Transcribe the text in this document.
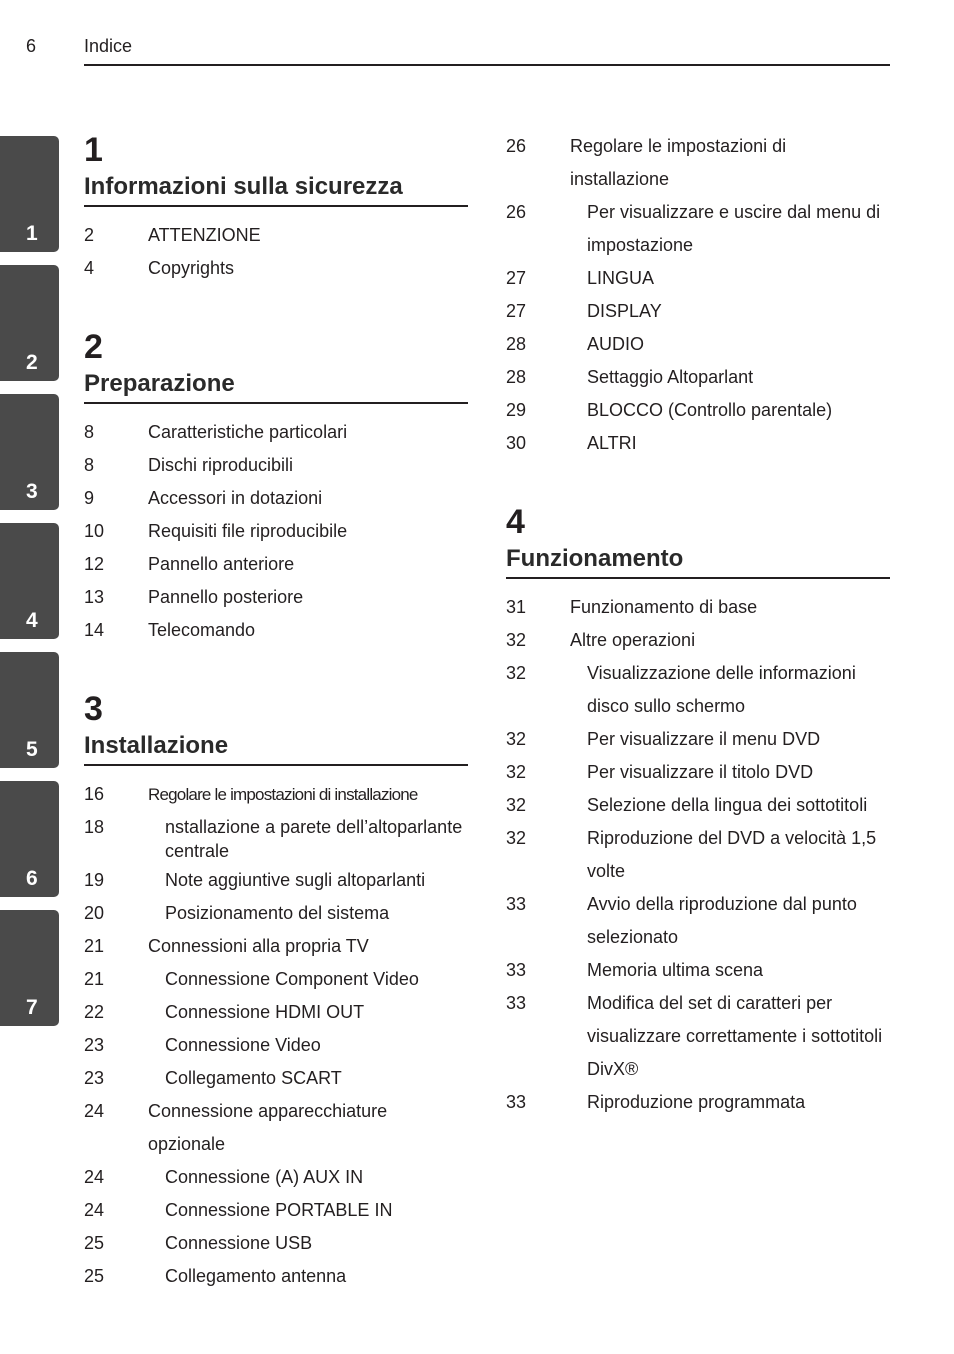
6	Indice
1
2
3
4
5
6
7
1
Informazioni sulla sicurezza
2	ATTENZIONE
4	Copyrights
2
Preparazione
8	Caratteristiche particolari
8	Dischi riproducibili
9	Accessori in dotazioni
10 Requisiti file riproducibile
12 Pannello anteriore
13 Pannello posteriore
14 Telecomando
3
Installazione
16	Regolare le impostazioni di installazione
18	nstallazione a parete dell’altoparlante centrale
19	Note aggiuntive sugli altoparlanti
20	Posizionamento del sistema
21 Connessioni alla propria TV
21	Connessione Component Video
22	Connessione HDMI OUT
23	Connessione Video
23	Collegamento SCART
24 Connessione apparecchiature opzionale
24	Connessione (A) AUX IN
24	Connessione PORTABLE IN
25	Connessione USB
25	Collegamento antenna
26 Regolare le impostazioni di installazione
26	Per visualizzare e uscire dal menu di impostazione
27	LINGUA
27	DISPLAY
28	AUDIO
28	Settaggio Altoparlant
29	BLOCCO (Controllo parentale)
30	ALTRI
4
Funzionamento
31 Funzionamento di base
32 Altre operazioni
32	Visualizzazione delle informazioni disco sullo schermo
32	Per visualizzare il menu DVD
32	Per visualizzare il titolo DVD
32	Selezione della lingua dei sottotitoli
32	Riproduzione del DVD a velocità 1,5 volte
33	Avvio della riproduzione dal punto selezionato
33	Memoria ultima scena
33	Modifica del set di caratteri per visualizzare correttamente i sottotitoli DivX®
33	Riproduzione programmata
